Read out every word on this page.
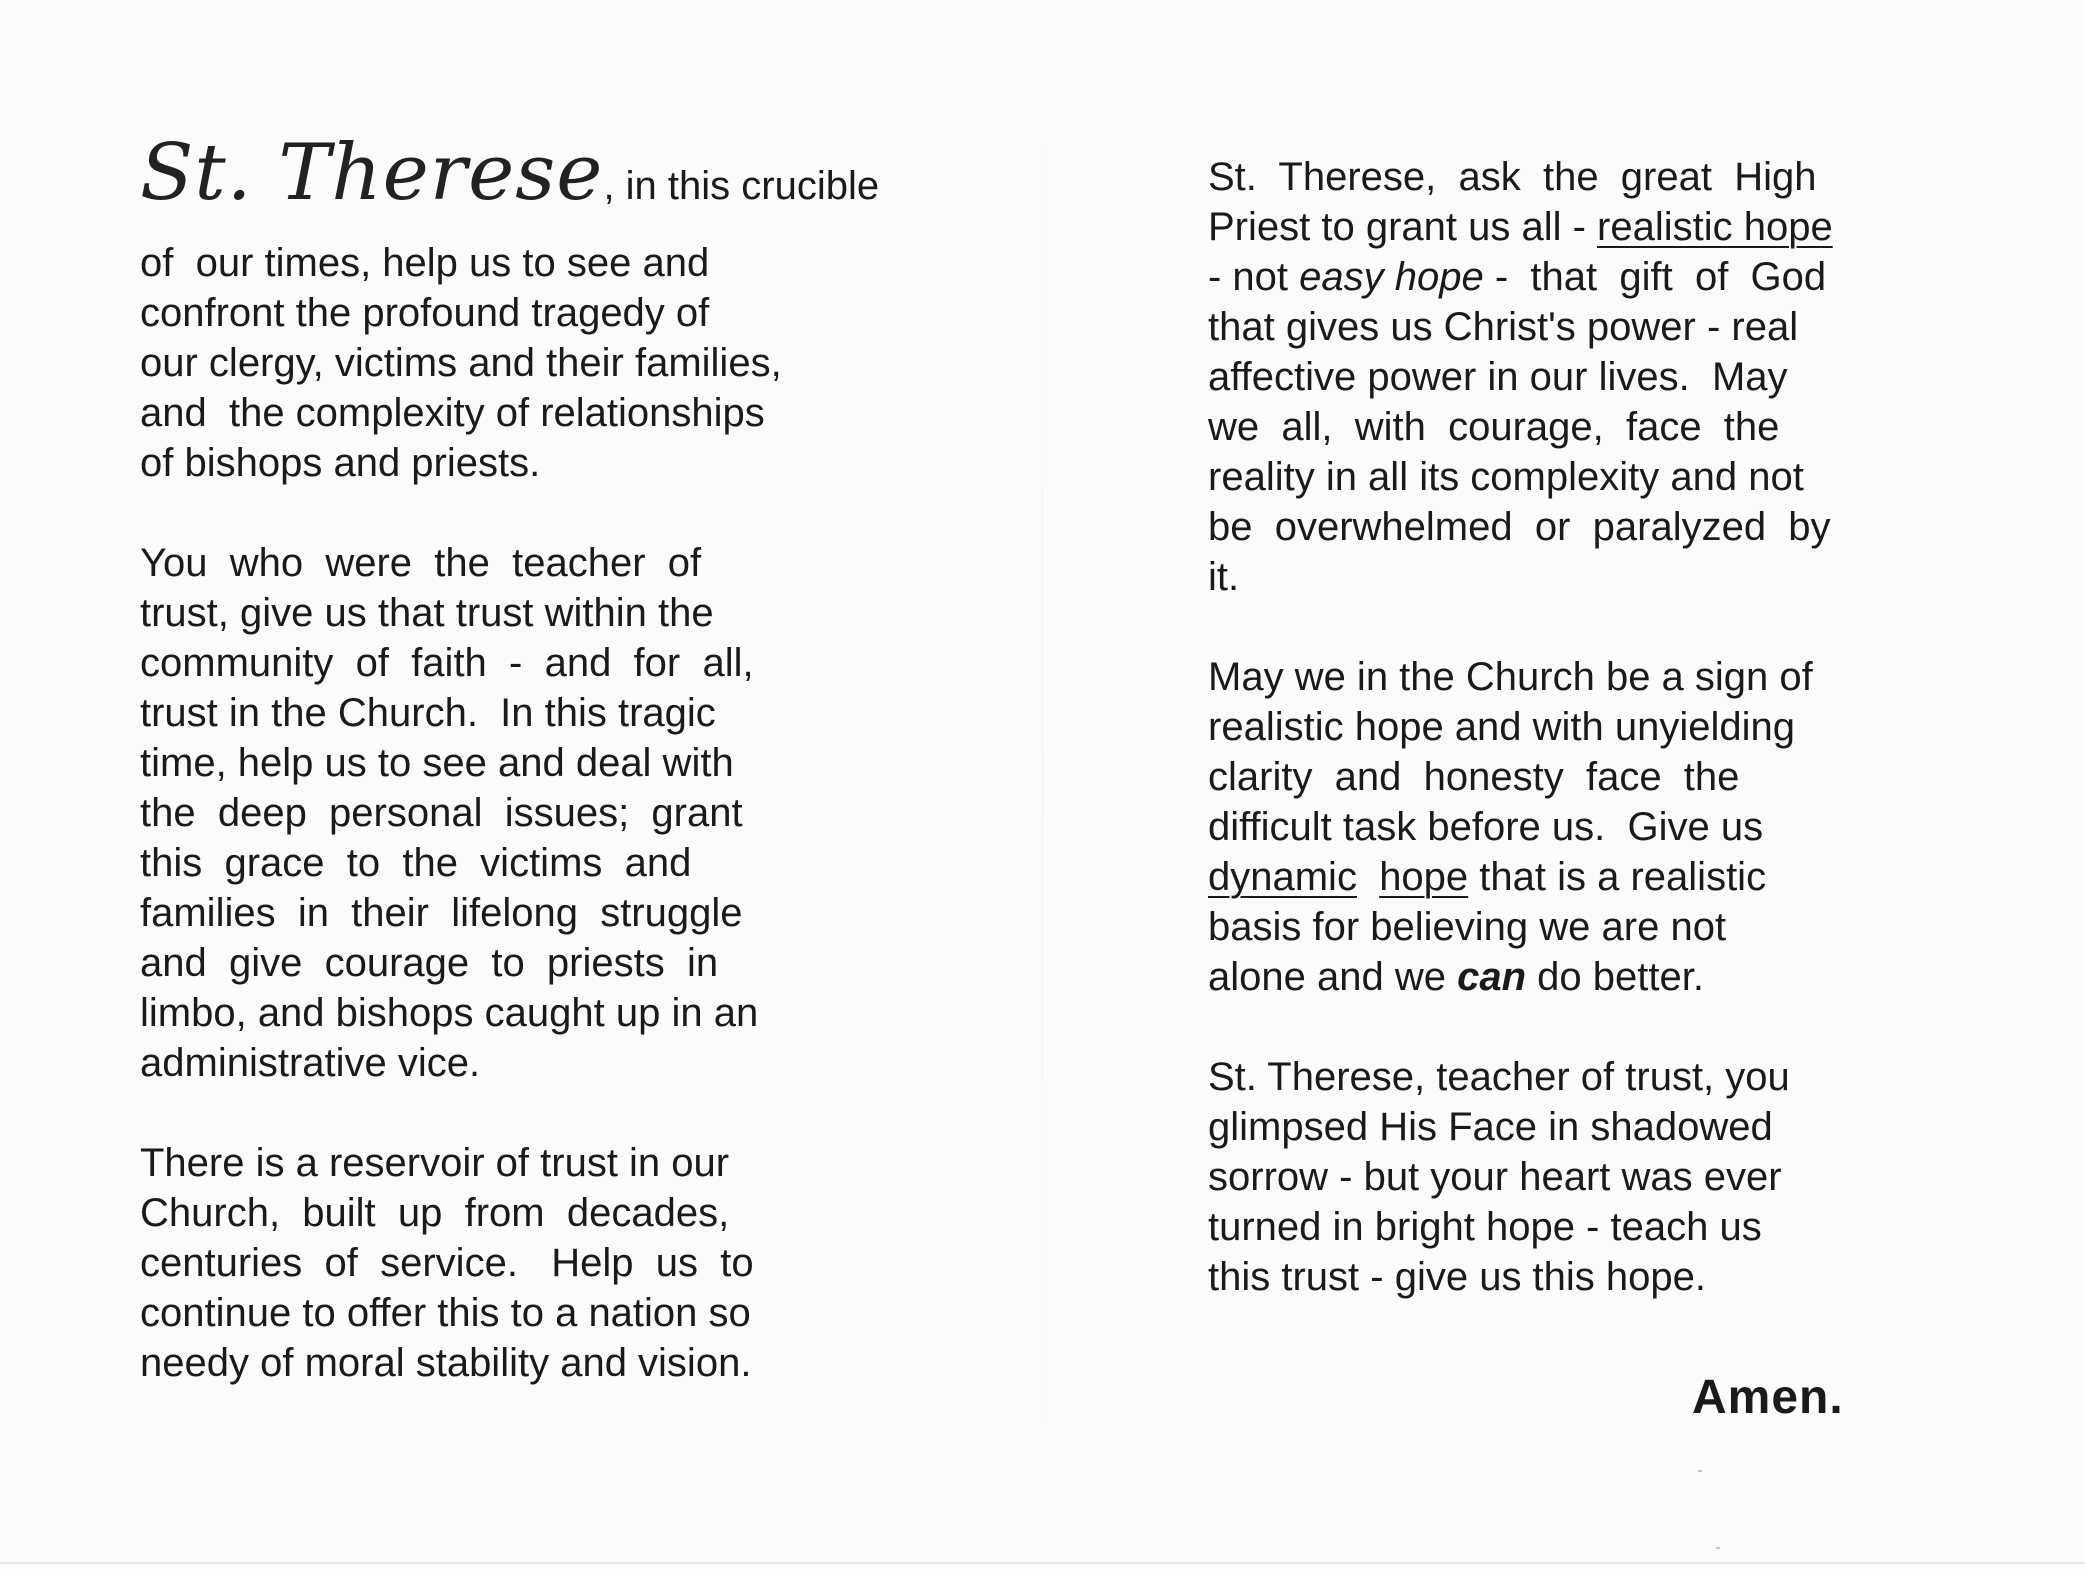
St. Therese , in this crucible
of  our times, help us to see and
confront the profound tragedy of
our clergy, victims and their families,
and  the complexity of relationships
of bishops and priests.
You  who  were  the  teacher  of
trust, give us that trust within the
community  of  faith  -  and  for  all,
trust in the Church.  In this tragic
time, help us to see and deal with
the  deep  personal  issues;  grant
this  grace  to  the  victims  and
families  in  their  lifelong  struggle
and  give  courage  to  priests  in
limbo, and bishops caught up in an
administrative vice.
There is a reservoir of trust in our
Church,  built  up  from  decades,
centuries  of  service.   Help  us  to
continue to offer this to a nation so
needy of moral stability and vision.
St.  Therese,  ask  the  great  High
Priest to grant us all - realistic hope
- not easy hope -  that  gift  of  God
that gives us Christ's power - real
affective power in our lives.  May
we  all,  with  courage,  face  the
reality in all its complexity and not
be  overwhelmed  or  paralyzed  by
it.
May we in the Church be a sign of
realistic hope and with unyielding
clarity  and  honesty  face  the
difficult task before us.  Give us
dynamic hope that is a realistic
basis for believing we are not
alone and we can do better.
St. Therese, teacher of trust, you
glimpsed His Face in shadowed
sorrow - but your heart was ever
turned in bright hope - teach us
this trust - give us this hope.
Amen.
